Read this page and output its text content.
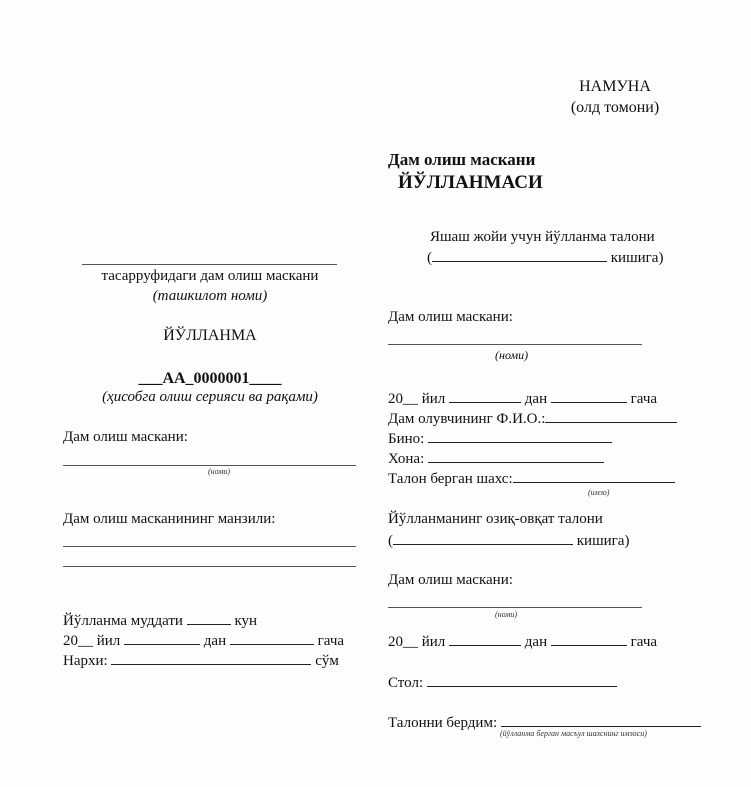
НАМУНА
(олд томони)
Дам олиш маскани
ЙЎЛЛАНМАСИ
Яшаш жойи учун йўлланма талони
(	кишига)
Дам олиш маскани:
(номи)
20__ йил	дан	гача
Дам олувчининг Ф.И.О.:
Бино:
Хона:
Талон берган шахс:
(имзо)
Йўлланманинг озиқ-овқат талони
(	кишига)
Дам олиш маскани:
(номи)
20__ йил	дан	гача
Стол:
Талонни бердим:
(йўлланма берган масъул шахснинг имзоси)
тасарруфидаги дам олиш маскани
(ташкилот номи)
ЙЎЛЛАНМА
___АА_0000001____
(ҳисобга олиш серияси ва рақами)
Дам олиш маскани:
(номи)
Дам олиш масканининг манзили:
Йўлланма муддати	кун
20__ йил	дан	гача
Нархи:	сўм
